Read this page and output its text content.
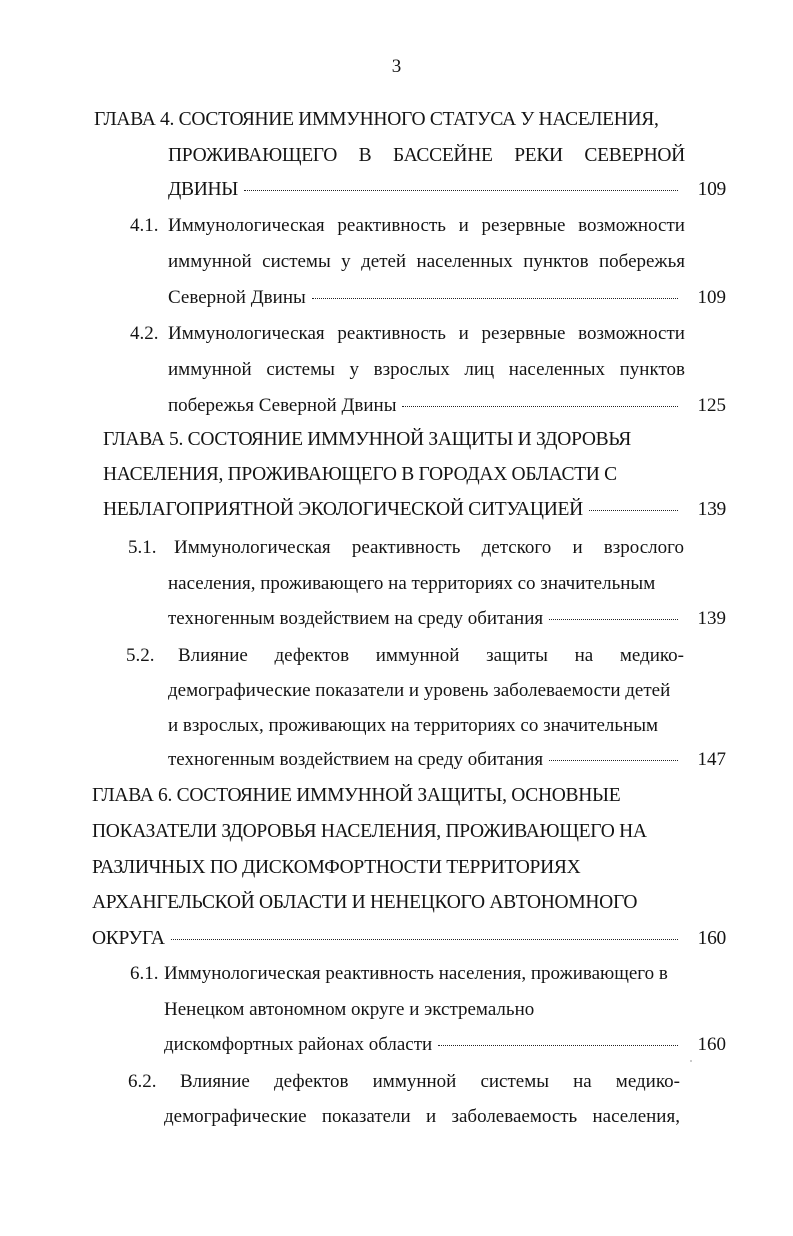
3
ГЛАВА 4. СОСТОЯНИЕ ИММУННОГО СТАТУСА У НАСЕЛЕНИЯ,
ПРОЖИВАЮЩЕГО В БАССЕЙНЕ РЕКИ СЕВЕРНОЙ
ДВИНЫ	109
4.1. Иммунологическая реактивность и резервные возможности
иммунной системы у детей населенных пунктов побережья
Северной Двины	109
4.2. Иммунологическая реактивность и резервные возможности
иммунной системы у взрослых лиц населенных пунктов
побережья Северной Двины	125
ГЛАВА 5. СОСТОЯНИЕ ИММУННОЙ ЗАЩИТЫ И ЗДОРОВЬЯ
НАСЕЛЕНИЯ, ПРОЖИВАЮЩЕГО В ГОРОДАХ ОБЛАСТИ С
НЕБЛАГОПРИЯТНОЙ ЭКОЛОГИЧЕСКОЙ СИТУАЦИЕЙ	139
5.1. Иммунологическая реактивность детского и взрослого
населения, проживающего на территориях со значительным
техногенным воздействием на среду обитания	139
5.2. Влияние дефектов иммунной защиты на медико-
демографические показатели и уровень заболеваемости детей
и взрослых, проживающих на территориях со значительным
техногенным воздействием на среду обитания	147
ГЛАВА 6. СОСТОЯНИЕ ИММУННОЙ ЗАЩИТЫ, ОСНОВНЫЕ
ПОКАЗАТЕЛИ ЗДОРОВЬЯ НАСЕЛЕНИЯ, ПРОЖИВАЮЩЕГО НА
РАЗЛИЧНЫХ ПО ДИСКОМФОРТНОСТИ ТЕРРИТОРИЯХ
АРХАНГЕЛЬСКОЙ ОБЛАСТИ И НЕНЕЦКОГО АВТОНОМНОГО
ОКРУГА	160
6.1. Иммунологическая реактивность населения, проживающего в
Ненецком автономном округе и экстремально
дискомфортных районах области	160
6.2. Влияние дефектов иммунной системы на медико-
демографические показатели и заболеваемость населения,
